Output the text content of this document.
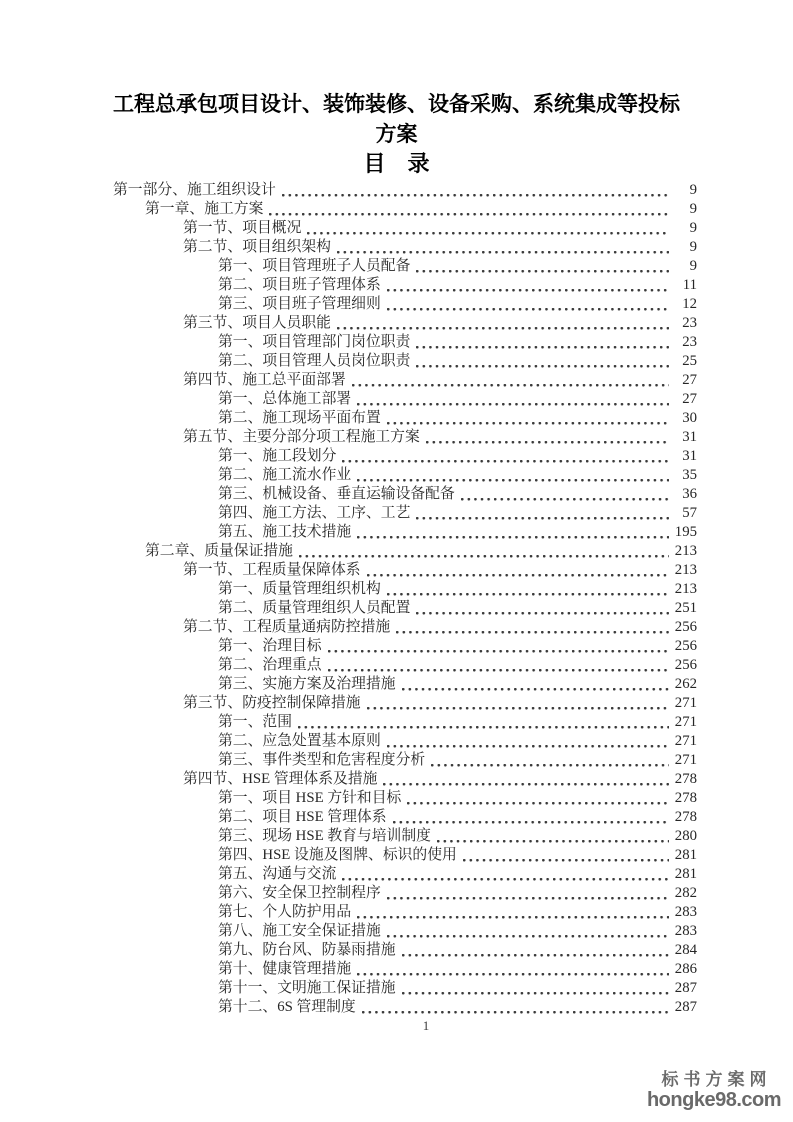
工程总承包项目设计、装饰装修、设备采购、系统集成等投标
方案
目　录
第一部分、施工组织设计	9
第一章、施工方案	9
第一节、项目概况	9
第二节、项目组织架构	9
第一、项目管理班子人员配备	9
第二、项目班子管理体系	11
第三、项目班子管理细则	12
第三节、项目人员职能	23
第一、项目管理部门岗位职责	23
第二、项目管理人员岗位职责	25
第四节、施工总平面部署	27
第一、总体施工部署	27
第二、施工现场平面布置	30
第五节、主要分部分项工程施工方案	31
第一、施工段划分	31
第二、施工流水作业	35
第三、机械设备、垂直运输设备配备	36
第四、施工方法、工序、工艺	57
第五、施工技术措施	195
第二章、质量保证措施	213
第一节、工程质量保障体系	213
第一、质量管理组织机构	213
第二、质量管理组织人员配置	251
第二节、工程质量通病防控措施	256
第一、治理目标	256
第二、治理重点	256
第三、实施方案及治理措施	262
第三节、防疫控制保障措施	271
第一、范围	271
第二、应急处置基本原则	271
第三、事件类型和危害程度分析	271
第四节、HSE 管理体系及措施	278
第一、项目 HSE 方针和目标	278
第二、项目 HSE 管理体系	278
第三、现场 HSE 教育与培训制度	280
第四、HSE 设施及图牌、标识的使用	281
第五、沟通与交流	281
第六、安全保卫控制程序	282
第七、个人防护用品	283
第八、施工安全保证措施	283
第九、防台风、防暴雨措施	284
第十、健康管理措施	286
第十一、文明施工保证措施	287
第十二、6S 管理制度	287
1
标书方案网
hongke98.com
